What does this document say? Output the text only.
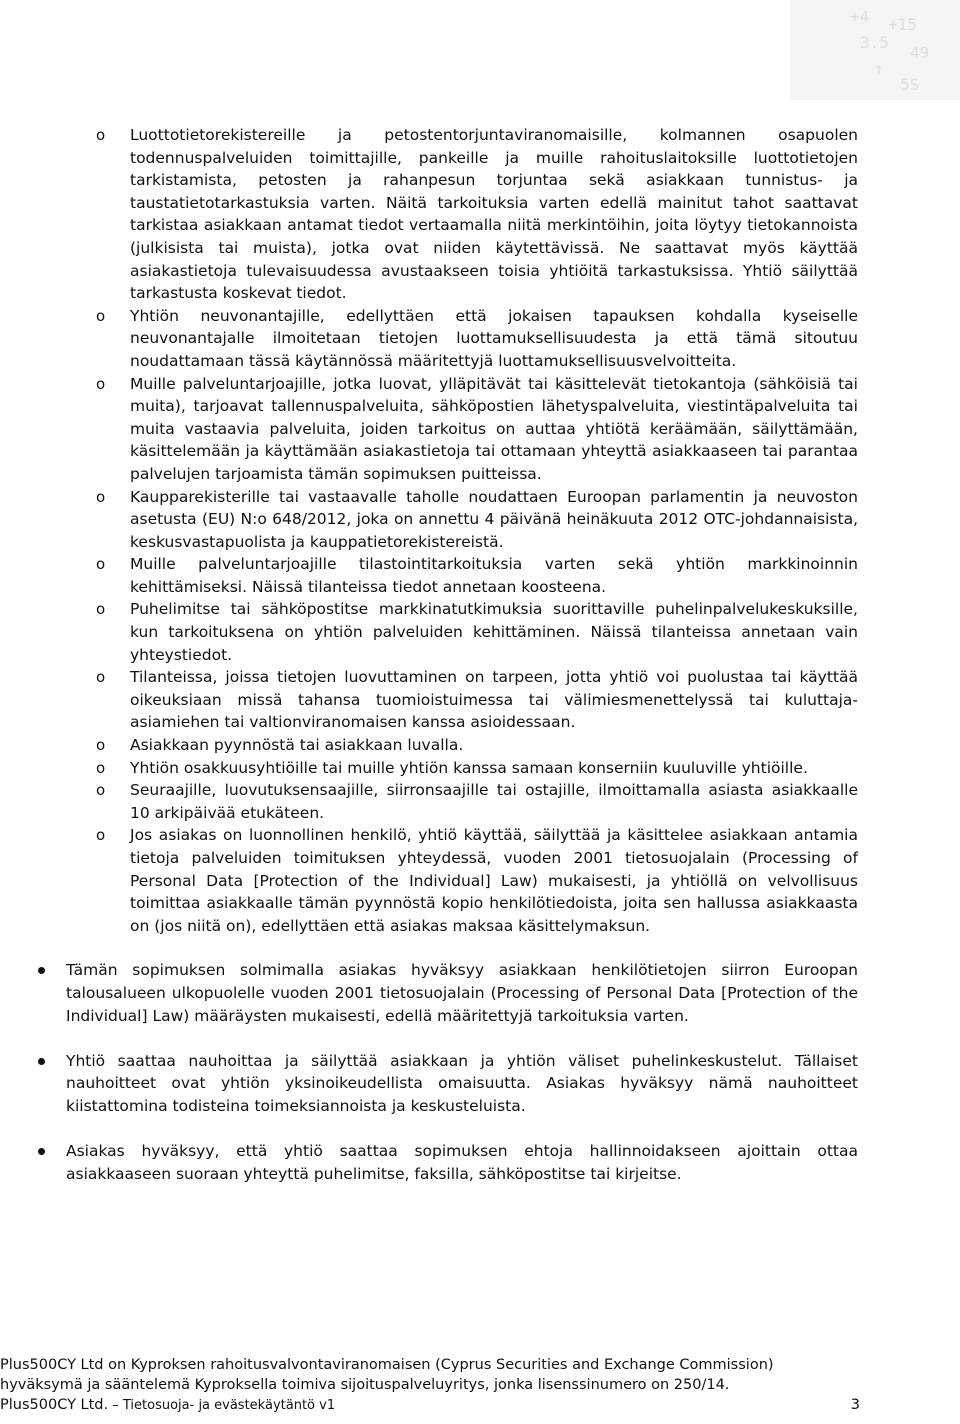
+4 +15
3.5
49
↑
5S
o Luottotietorekistereille ja petostentorjuntaviranomaisille, kolmannen osapuolen todennuspalveluiden toimittajille, pankeille ja muille rahoituslaitoksille luottotietojen tarkistamista, petosten ja rahanpesun torjuntaa sekä asiakkaan tunnistus- ja taustatietotarkastuksia varten. Näitä tarkoituksia varten edellä mainitut tahot saattavat tarkistaa asiakkaan antamat tiedot vertaamalla niitä merkintöihin, joita löytyy tietokannoista (julkisista tai muista), jotka ovat niiden käytettävissä. Ne saattavat myös käyttää asiakastietoja tulevaisuudessa avustaakseen toisia yhtiöitä tarkastuksissa. Yhtiö säilyttää tarkastusta koskevat tiedot.
o Yhtiön neuvonantajille, edellyttäen että jokaisen tapauksen kohdalla kyseiselle neuvonantajalle ilmoitetaan tietojen luottamuksellisuudesta ja että tämä sitoutuu noudattamaan tässä käytännössä määritettyjä luottamuksellisuusvelvoitteita.
o Muille palveluntarjoajille, jotka luovat, ylläpitävät tai käsittelevät tietokantoja (sähköisiä tai muita), tarjoavat tallennuspalveluita, sähköpostien lähetyspalveluita, viestintäpalveluita tai muita vastaavia palveluita, joiden tarkoitus on auttaa yhtiötä keräämään, säilyttämään, käsittelemään ja käyttämään asiakastietoja tai ottamaan yhteyttä asiakkaaseen tai parantaa palvelujen tarjoamista tämän sopimuksen puitteissa.
o Kaupparekisterille tai vastaavalle taholle noudattaen Euroopan parlamentin ja neuvoston asetusta (EU) N:o 648/2012, joka on annettu 4 päivänä heinäkuuta 2012 OTC-johdannaisista, keskusvastapuolista ja kauppatietorekistereistä.
o Muille palveluntarjoajille tilastointitarkoituksia varten sekä yhtiön markkinoinnin kehittämiseksi. Näissä tilanteissa tiedot annetaan koosteena.
o Puhelimitse tai sähköpostitse markkinatutkimuksia suorittaville puhelinpalvelukeskuksille, kun tarkoituksena on yhtiön palveluiden kehittäminen. Näissä tilanteissa annetaan vain yhteystiedot.
o Tilanteissa, joissa tietojen luovuttaminen on tarpeen, jotta yhtiö voi puolustaa tai käyttää oikeuksiaan missä tahansa tuomioistuimessa tai välimiesmenettelyssä tai kuluttaja-asiamiehen tai valtionviranomaisen kanssa asioidessaan.
o Asiakkaan pyynnöstä tai asiakkaan luvalla.
o Yhtiön osakkuusyhtiöille tai muille yhtiön kanssa samaan konserniin kuuluville yhtiöille.
o Seuraajille, luovutuksensaajille, siirronsaajille tai ostajille, ilmoittamalla asiasta asiakkaalle 10 arkipäivää etukäteen.
o Jos asiakas on luonnollinen henkilö, yhtiö käyttää, säilyttää ja käsittelee asiakkaan antamia tietoja palveluiden toimituksen yhteydessä, vuoden 2001 tietosuojalain (Processing of Personal Data [Protection of the Individual] Law) mukaisesti, ja yhtiöllä on velvollisuus toimittaa asiakkaalle tämän pyynnöstä kopio henkilötiedoista, joita sen hallussa asiakkaasta on (jos niitä on), edellyttäen että asiakas maksaa käsittelymaksun.
Tämän sopimuksen solmimalla asiakas hyväksyy asiakkaan henkilötietojen siirron Euroopan talousalueen ulkopuolelle vuoden 2001 tietosuojalain (Processing of Personal Data [Protection of the Individual] Law) määräysten mukaisesti, edellä määritettyjä tarkoituksia varten.
Yhtiö saattaa nauhoittaa ja säilyttää asiakkaan ja yhtiön väliset puhelinkeskustelut. Tällaiset nauhoitteet ovat yhtiön yksinoikeudellista omaisuutta. Asiakas hyväksyy nämä nauhoitteet kiistattomina todisteina toimeksiannoista ja keskusteluista.
Asiakas hyväksyy, että yhtiö saattaa sopimuksen ehtoja hallinnoidakseen ajoittain ottaa asiakkaaseen suoraan yhteyttä puhelimitse, faksilla, sähköpostitse tai kirjeitse.
Plus500CY Ltd on Kyproksen rahoitusvalvontaviranomaisen (Cyprus Securities and Exchange Commission)
hyväksymä ja sääntelemä Kyproksella toimiva sijoituspalveluyritys, jonka lisenssinumero on 250/14.
Plus500CY Ltd. – Tietosuoja- ja evästekäytäntö v1	3
